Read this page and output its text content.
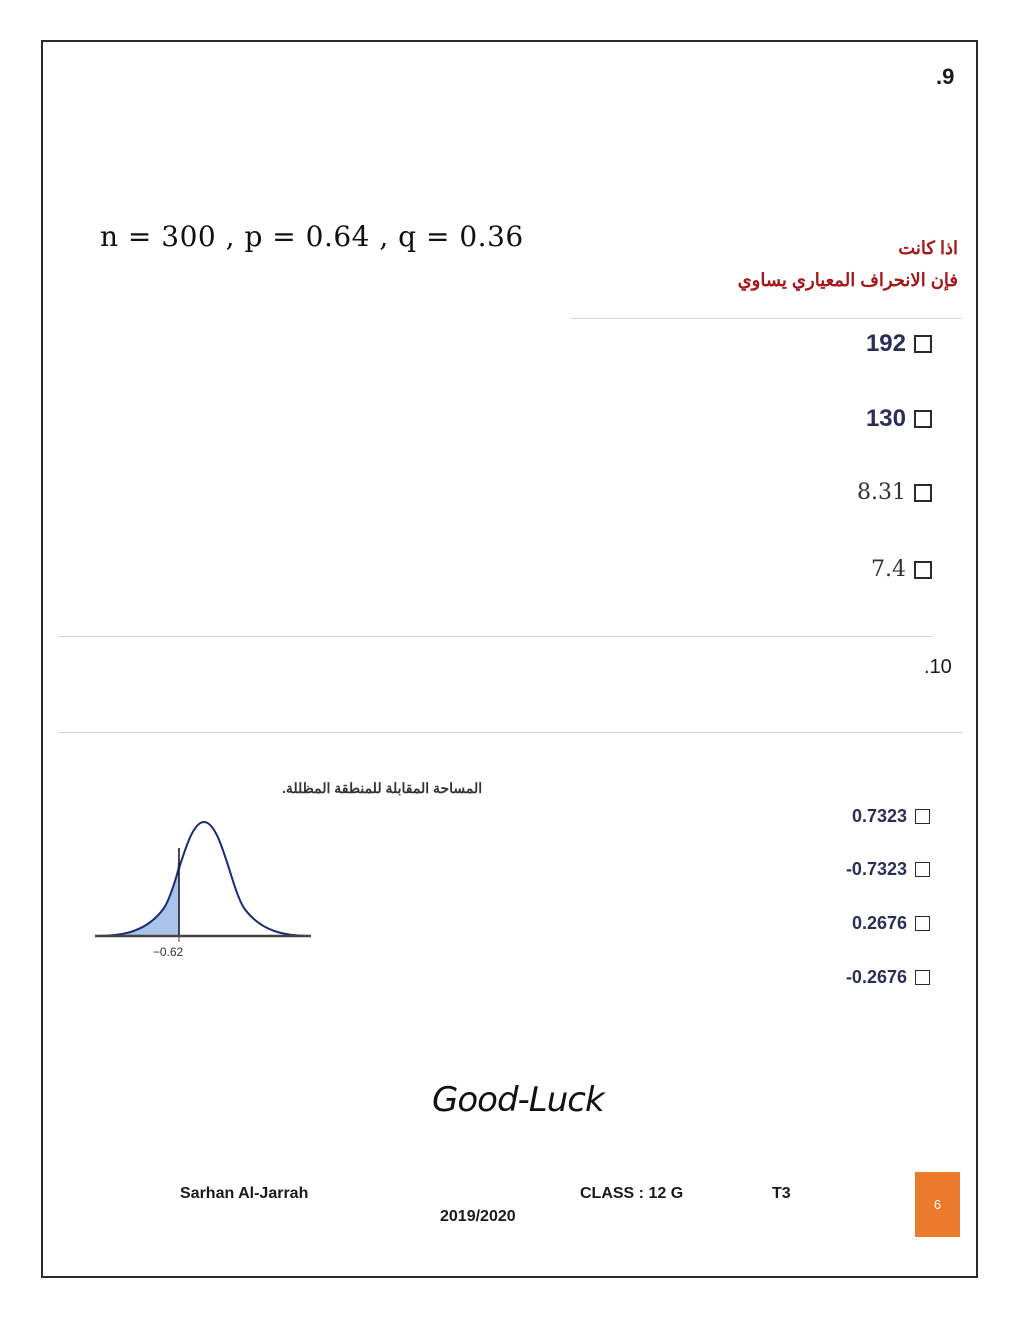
.9
n = 300 , p = 0.64 , q = 0.36	اذا كانت
فإن الانحراف المعياري يساوي
192
130
8.31
7.4
.10
المساحة المقابلة للمنطقة المظللة.
−0.62
0.7323
-0.7323
0.2676
-0.2676
Good-Luck
Sarhan Al-Jarrah	CLASS : 12 G	T3
2019/2020
6
